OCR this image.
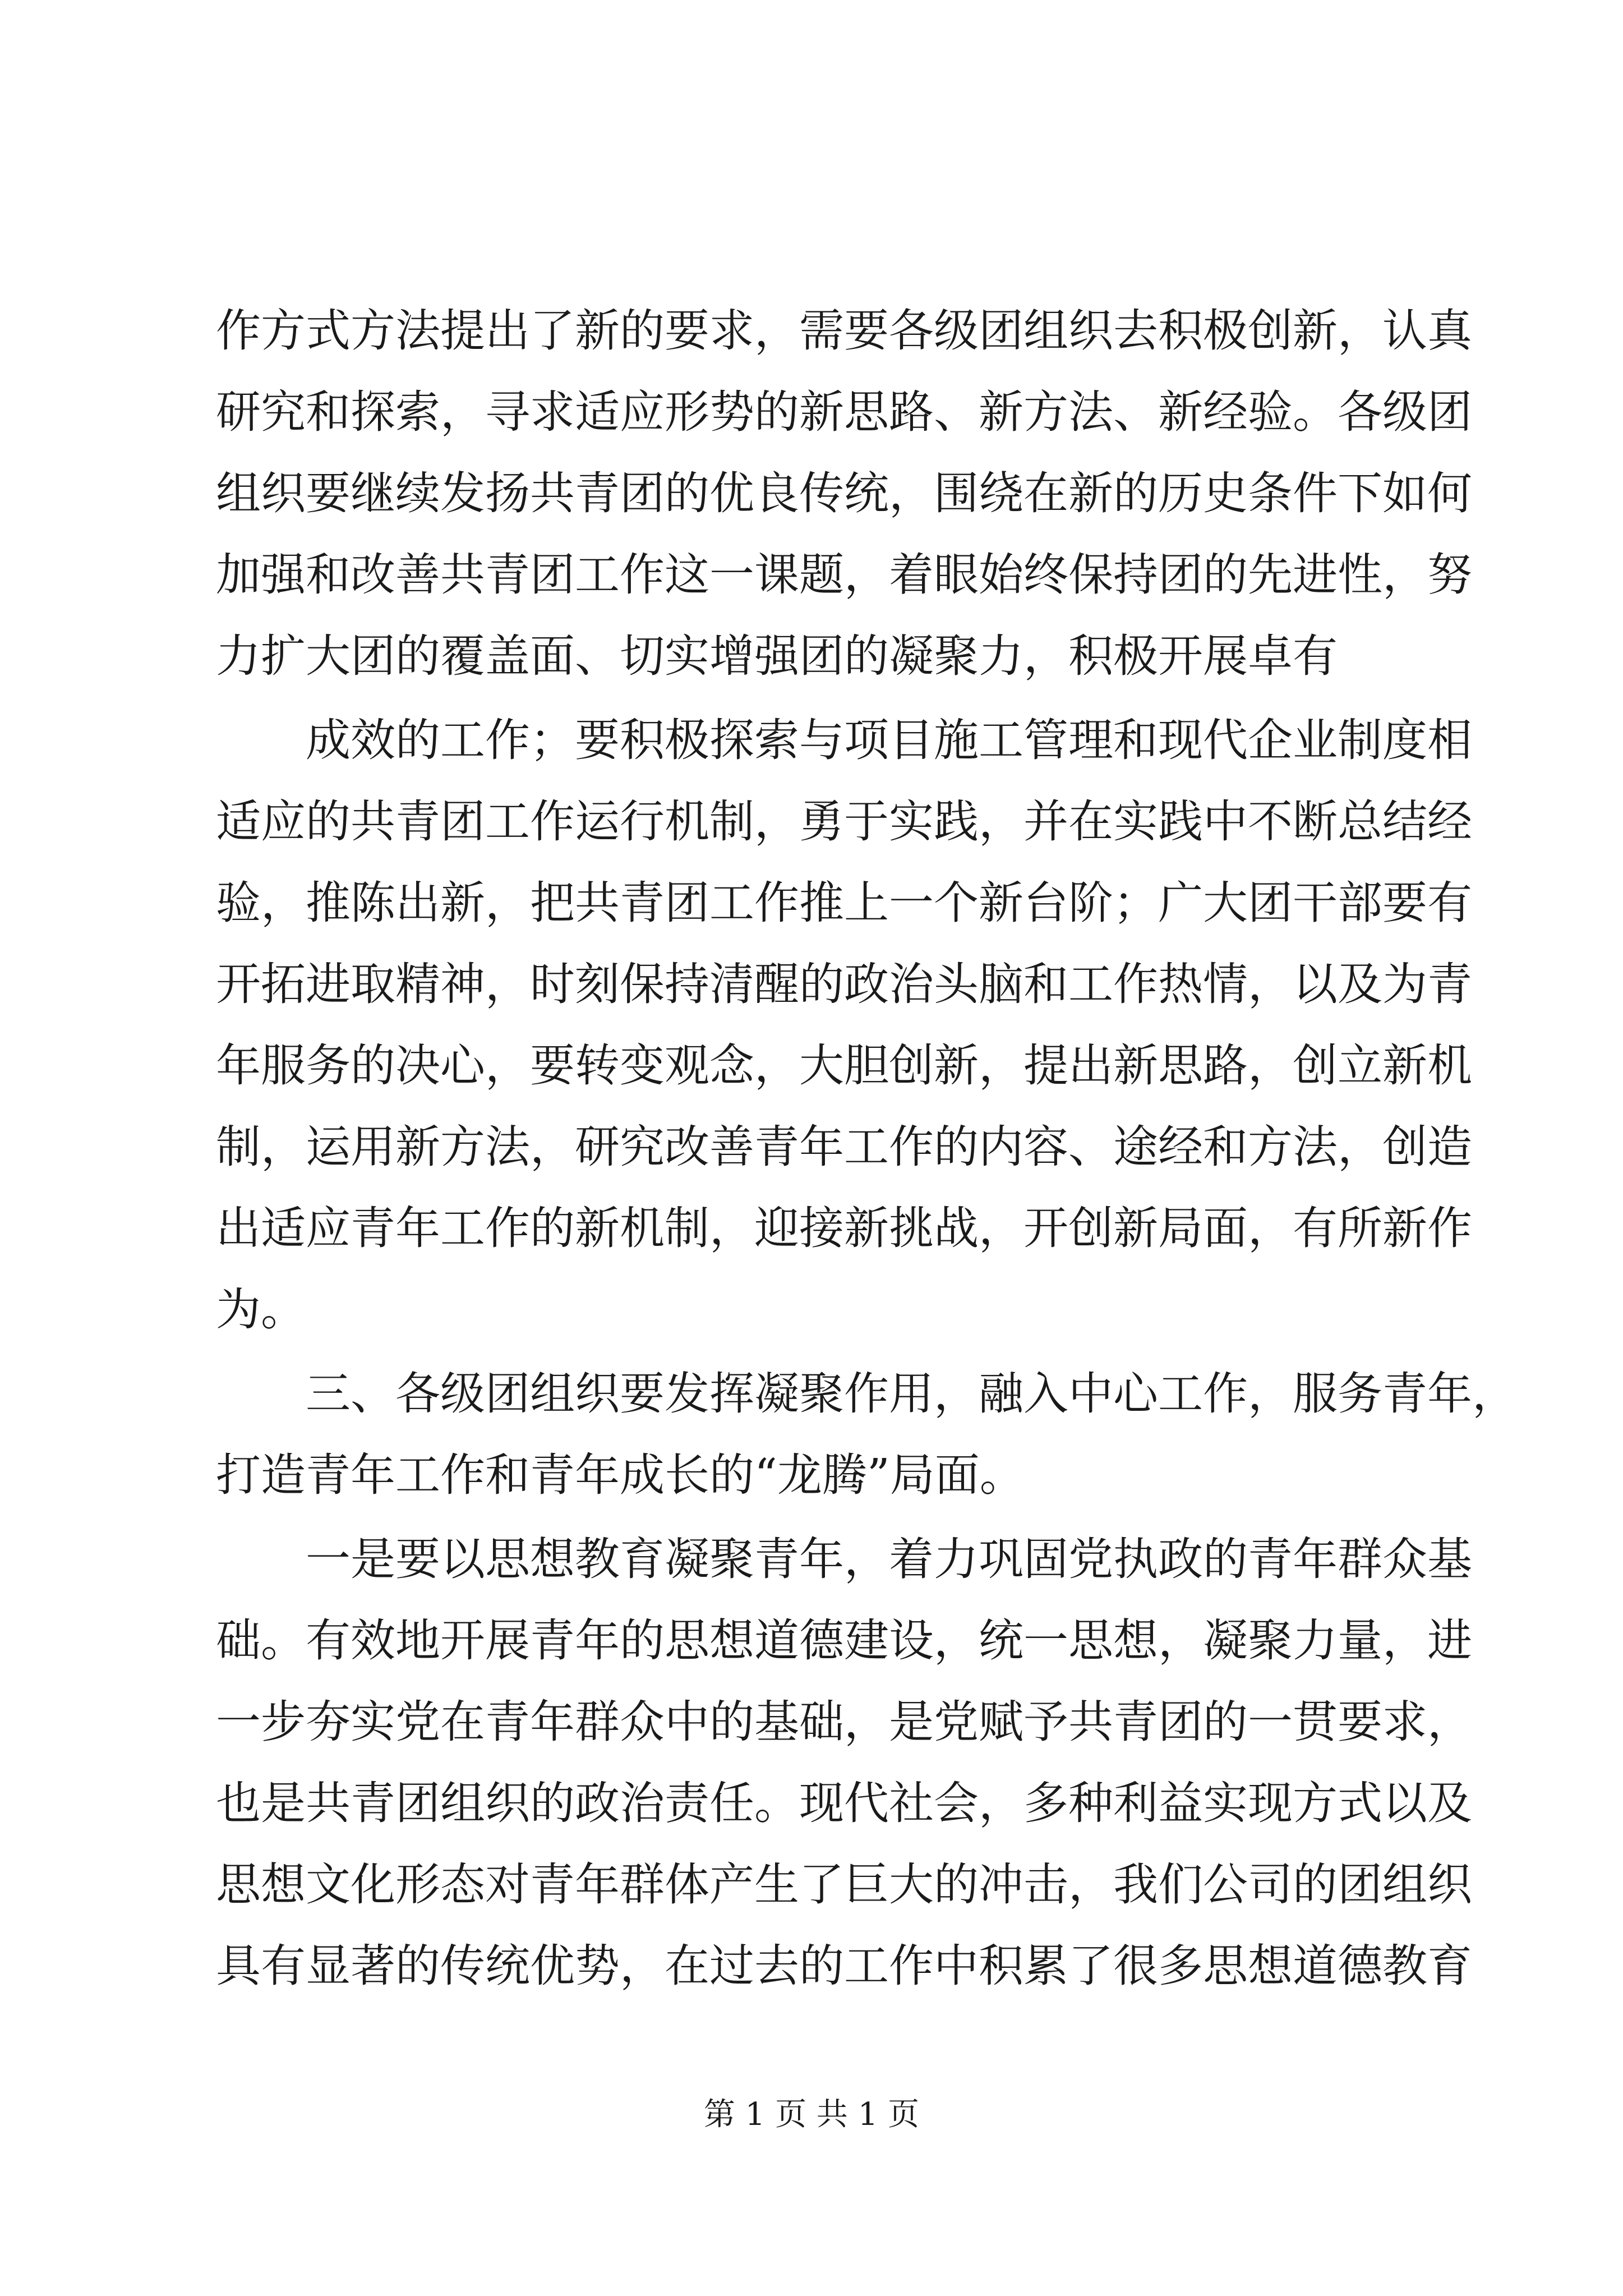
作方式方法提出了新的要求，需要各级团组织去积极创新，认真
研究和探索，寻求适应形势的新思路、新方法、新经验。各级团
组织要继续发扬共青团的优良传统，围绕在新的历史条件下如何
加强和改善共青团工作这一课题，着眼始终保持团的先进性，努
力扩大团的覆盖面、切实增强团的凝聚力，积极开展卓有
成效的工作；要积极探索与项目施工管理和现代企业制度相
适应的共青团工作运行机制，勇于实践，并在实践中不断总结经
验，推陈出新，把共青团工作推上一个新台阶；广大团干部要有
开拓进取精神，时刻保持清醒的政治头脑和工作热情，以及为青
年服务的决心，要转变观念，大胆创新，提出新思路，创立新机
制，运用新方法，研究改善青年工作的内容、途经和方法，创造
出适应青年工作的新机制，迎接新挑战，开创新局面，有所新作
为。
三、各级团组织要发挥凝聚作用，融入中心工作，服务青年，
打造青年工作和青年成长的“龙腾”局面。
一是要以思想教育凝聚青年，着力巩固党执政的青年群众基
础。有效地开展青年的思想道德建设，统一思想，凝聚力量，进
一步夯实党在青年群众中的基础，是党赋予共青团的一贯要求，
也是共青团组织的政治责任。现代社会，多种利益实现方式以及
思想文化形态对青年群体产生了巨大的冲击，我们公司的团组织
具有显著的传统优势，在过去的工作中积累了很多思想道德教育
第 1 页 共 1 页
